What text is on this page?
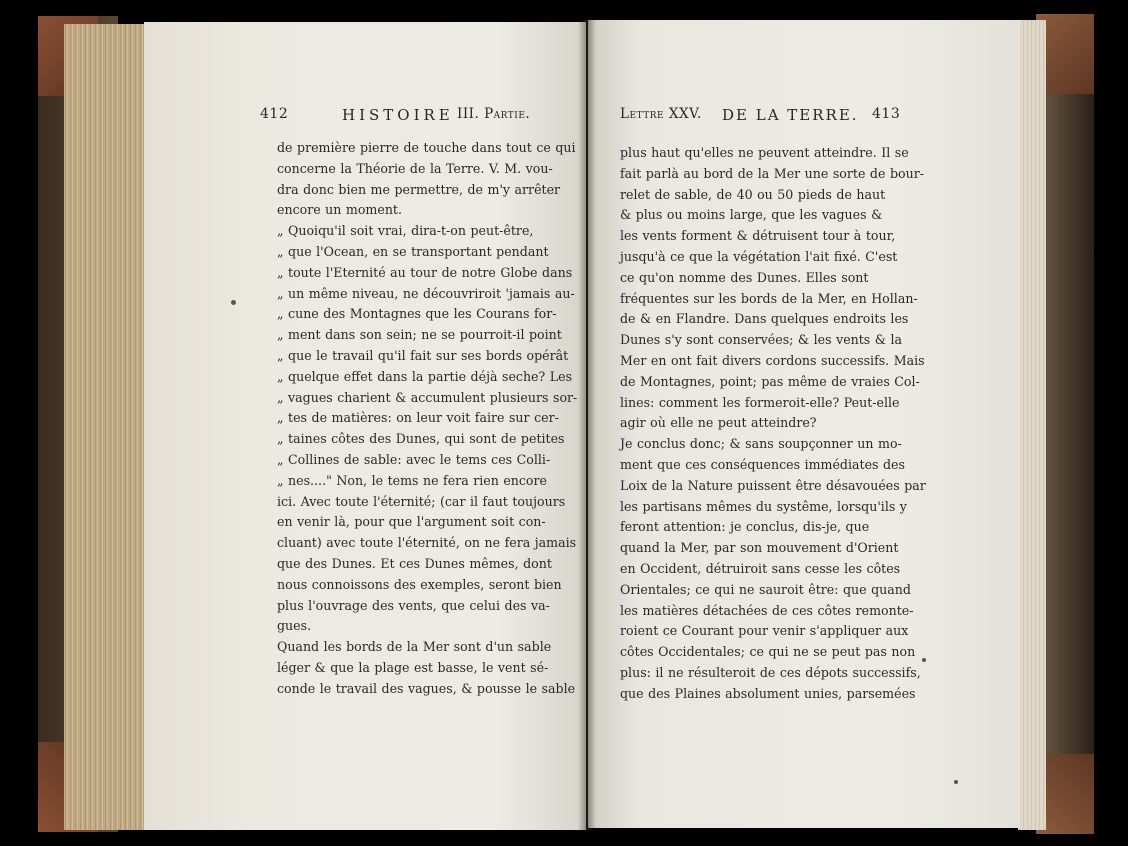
412	HISTOIRE III. Partie.	Lettre XXV. DE LA TERRE. 413
de première pierre de touche dans tout ce qui
concerne la Théorie de la Terre. V. M. vou-
dra donc bien me permettre, de m'y arrêter
encore un moment.
„ Quoiqu'il soit vrai, dira-t-on peut-être,
„ que l'Ocean, en se transportant pendant
„ toute l'Eternité au tour de notre Globe dans
„ un même niveau, ne découvriroit 'jamais au-
„ cune des Montagnes que les Courans for-
„ ment dans son sein; ne se pourroit-il point
„ que le travail qu'il fait sur ses bords opérât
„ quelque effet dans la partie déjà seche? Les
„ vagues charient & accumulent plusieurs sor-
„ tes de matières: on leur voit faire sur cer-
„ taines côtes des Dunes, qui sont de petites
„ Collines de sable: avec le tems ces Colli-
„ nes...." Non, le tems ne fera rien encore
ici. Avec toute l'éternité; (car il faut toujours
en venir là, pour que l'argument soit con-
cluant) avec toute l'éternité, on ne fera jamais
que des Dunes. Et ces Dunes mêmes, dont
nous connoissons des exemples, seront bien
plus l'ouvrage des vents, que celui des va-
gues.
Quand les bords de la Mer sont d'un sable
léger & que la plage est basse, le vent sé-
conde le travail des vagues, & pousse le sable
plus haut qu'elles ne peuvent atteindre. Il se
fait parlà au bord de la Mer une sorte de bour-
relet de sable, de 40 ou 50 pieds de haut
& plus ou moins large, que les vagues &
les vents forment & détruisent tour à tour,
jusqu'à ce que la végétation l'ait fixé. C'est
ce qu'on nomme des Dunes. Elles sont
fréquentes sur les bords de la Mer, en Hollan-
de & en Flandre. Dans quelques endroits les
Dunes s'y sont conservées; & les vents & la
Mer en ont fait divers cordons successifs. Mais
de Montagnes, point; pas même de vraies Col-
lines: comment les formeroit-elle? Peut-elle
agir où elle ne peut atteindre?
Je conclus donc; & sans soupçonner un mo-
ment que ces conséquences immédiates des
Loix de la Nature puissent être désavouées par
les partisans mêmes du systême, lorsqu'ils y
feront attention: je conclus, dis-je, que
quand la Mer, par son mouvement d'Orient
en Occident, détruiroit sans cesse les côtes
Orientales; ce qui ne sauroit être: que quand
les matières détachées de ces côtes remonte-
roient ce Courant pour venir s'appliquer aux
côtes Occidentales; ce qui ne se peut pas non
plus: il ne résulteroit de ces dépots successifs,
que des Plaines absolument unies, parsemées
